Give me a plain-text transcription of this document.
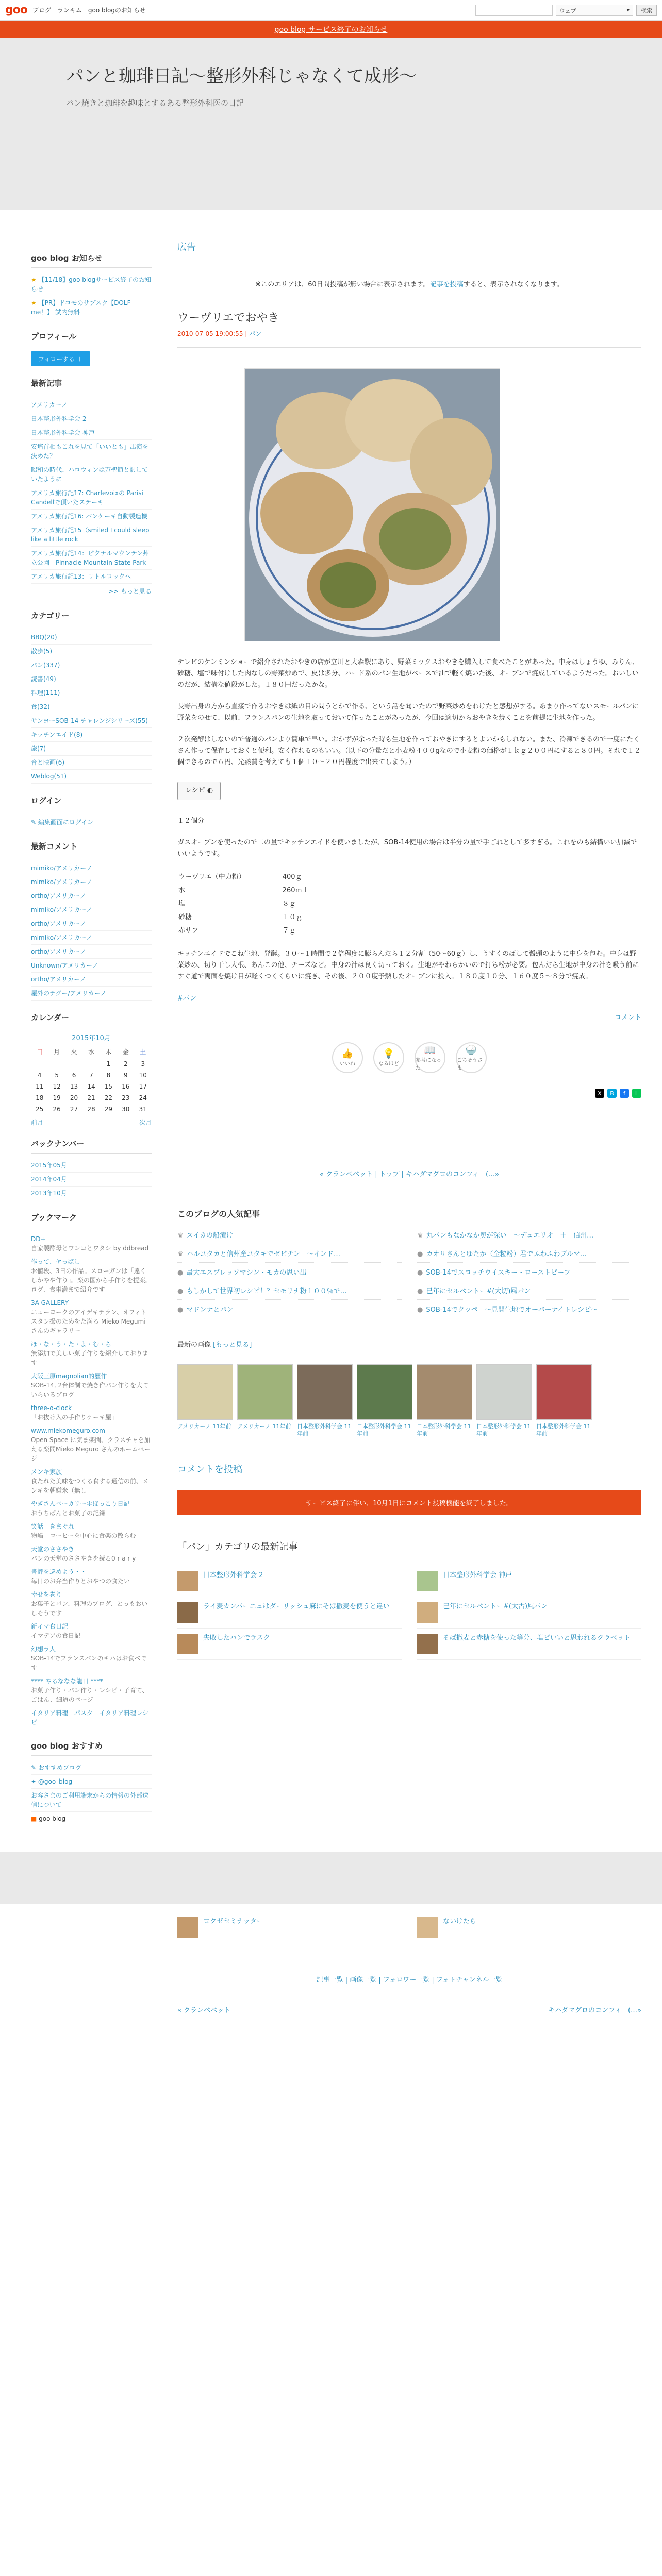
goo ブログ ランキム goo blogのお知らせ	ウェブ	▾	検索
goo blog サービス終了のお知らせ
パンと珈琲日記〜整形外科じゃなくて成形〜

パン焼きと珈琲を趣味とするある整形外科医の日記

goo blog お知らせ
★ 【11/18】goo blogサービス終了のお知らせ
★ 【PR】ドコモのサブスク【DOLF me！】 試内無料
プロフィール
フォローする ＋
最新記事
アメリカーノ
日本整形外科学会 2
日本整形外科学会 神戸
安培首相もこれを見て「いいとも」出演を決めた？
昭和の時代、ハロウィンは万聖節と訳していたように
アメリカ旅行記17: Charlevoixの Parisi Candellで頂いたステーキ
アメリカ旅行記16: パンケーキ自動製造機
アメリカ旅行記15（smiled I could sleep like a little rock
アメリカ旅行記14：ピクナルマウンテン州立公園　Pinnacle Mountain State Park
アメリカ旅行記13：リトルロックへ
>> もっと見る
カテゴリー
BBQ(20)
散歩(5)
パン(337)
読書(49)
料理(111)
食(32)
サンヨーSOB-14 チャレンジシリーズ(55)
キッチンエイド(8)
旅(7)
音と映画(6)
Weblog(51)
ログイン
✎ 編集画面にログイン
最新コメント
mimiko/アメリカーノ
mimiko/アメリカーノ
ortho/アメリカーノ
mimiko/アメリカーノ
ortho/アメリカーノ
mimiko/アメリカーノ
ortho/アメリカーノ
Unknown/アメリカーノ
ortho/アメリカーノ
屋外のテグー/アメリカーノ
カレンダー
2015年10月
日	月	火	水	木	金	土
				1	2	3
4	5	6	7	8	9	10
11	12	13	14	15	16	17
18	19	20	21	22	23	24
25	26	27	28	29	30	31
前月	次月
バックナンバー
2015年05月
2014年04月
2013年10月
ブックマーク
DD+
自家製酵母とワンコとワタシ by ddbread
作って、ヤっぱし
お値段、3日の作品。スローガンは「遠くしかやや作り」。楽の国から手作りを提案。ログ、食事満まで紹介です
3A GALLERY
ニューヨークのアイデキテラン、オフィトスタン撮のためをた満る Mieko Megumi さんのギャラリー
ほ・な・う・た・よ・む・ら
無添加で美しい菓子作りを紹介しております
大阪三原magnolian的歴作
SOB-14, 2台体制で焼き作パン作りを大ていらいるブログ
three-o-clock
「お抜け入の手作りケーキ屋」
www.miekomeguro.com
Open Space に気ま楽間、クラスチャを加える楽間Mieko Meguro さんのホームページ
メンキ家族
食たれた美味をつくる食する通信の前、メンキを朝嫌米（無し
やぎさんベーカリー＊ほっこり日記
おうちぱんとお菓子の記録
笑話　きまぐれ
物嶋　コーヒーを中心に食楽の散らむ
天堂のささやき
パンの天堂のささやきを続る0 r a r y
書評を巡めよう・・
毎日のお弁当作りとおやつの食たい
幸せを巻り
お菓子とパン、料理のブログ、とっもおいしそうです
新イマ食日記
イマデアの食日記
幻想ラ人
SOB-14でフランスパンのキパはお食べです
**** やるななな龍日 ****
お菓子作り・パン作り・レシピ・子育て、ごはん、細道のページ
イタリア料理　パスタ　イタリア料理レシピ
goo blog おすすめ
✎ おすすめブログ
✦ @goo_blog
お客さまのご利用端末からの情報の外部送信について
■ goo blog
広告
※このエリアは、60日間投稿が無い場合に表示されます。記事を投稿すると、表示されなくなります。
ウーヴリエでおやき
2010-07-05 19:00:55 | パン

テレビのケンミンショーで紹介されたおやきの店が立川と大森駅にあり、野菜ミックスおやきを購入して食べたことがあった。中身はしょうゆ、みりん、砂糖、塩で味付けした肉なしの野菜炒めで、皮は多分、ハード系のパン生地がベースで油で軽く焼いた後、オーブンで焼成しているようだった。おいしいのだが、結構な値段がした。１８０円だったかな。

長野出身の方から直接で作るおやきは紙の目の問うとかで作る、という話を聞いたので野菜炒めをわけたと感想がする。あまり作ってないスモールパンに野菜をのせて、以前、フランスパンの生地を取っておいて作ったことがあったが、今回は適切からおやきを焼くことを前提に生地を作った。

２次発酵はしないので普通のパンより簡単で早い。おかずが余った時も生地を作っておやきにするとよいかもしれない。また、冷凍できるので一度にたくさん作って保存しておくと便利。安く作れるのもいい。（以下の分量だと小麦粉４００gなので小麦粉の価格が１ｋｇ２００円にすると８０円。それで１２個できるので６円、光熱費を考えても１個１０〜２０円程度で出来てしまう。）

レシピ ◐

１２個分

ガスオーブンを使ったので二の量でキッチンエイドを使いましたが、SOB-14使用の場合は半分の量で手ごねとして多すぎる。これをのも結構いい加減でいいようです。

ウーヴリエ（中力粉）	400ｇ
水	260ｍｌ
塩	８ｇ
砂糖	１０ｇ
赤サフ	７ｇ

キッチンエイドでこね生地、発酵。３０〜１時間で２倍程度に膨らんだら１２分割（50〜60ｇ）し、うすくのばして醤頭のように中身を包む。中身は野菜炒め、切り干し大根、あんこの他、チーズなど。中身の汁は良く切っておく。生地がやわらかいので打ち粉が必要。包んだら生地が中身の汁を吸う前にすぐ道で両面を焼け目が軽くつくくらいに焼き、その後、２００度予熱したオーブンに投入。１８０度１０分、１６０度５〜８分で焼成。

#パン
コメント
👍
いいね
💡
なるほど
📖
参考になった
🍚
ごちそうさま
X	B	f	L
« クランベベット | トップ | キハダマグロのコンフィ　(…»
このブログの人気記事
♛ スイカの船漬け	♛ 丸パンもなかなか奥が深い　〜デュエリオ　＋　信州…
♛ ハルユタカと信州産ユタキでゼビチン　〜インド…	● カオリさんとゆたか（全粒粉）君でふわふわブルマ…
● 最大エスプレッソマシン・モカの思い出	● SOB-14でスコッチウイスキー・ローストビーフ
● もしかして世界初レシピ！？セモリナ粉１００％で…	● 巳年にセルベントー#(大切)風パン
● マドンナとパン	● SOB-14でクッペ　〜見開生地でオーバーナイトレシピ〜
最新の画像 [もっと見る]
アメリカーノ 11年前	アメリカーノ 11年前	日本整形外科学会 11年前
日本整形外科学会 11年前
日本整形外科学会 11年前
日本整形外科学会 11年前
日本整形外科学会 11年前
コメントを投稿
サービス終了に伴い、10月1日にコメント投稿機能を終了しました。
「パン」カテゴリの最新記事
日本整形外科学会 2	日本整形外科学会 神戸
ライ麦カンパーニュはダーリッシュ麻にそば撒麦を使うと違い	巳年にセルベントー#(太古)風パン
失敗したパンでラスク	そば撒麦と赤糖を使った等分、塩ピいいと思われるクラベット
ロクゼセミナッター	ないけたら
記事一覧 | 画像一覧 | フォロワー一覧 | フォトチャンネル一覧
« クランベベット	キハダマグロのコンフィ　(…»
